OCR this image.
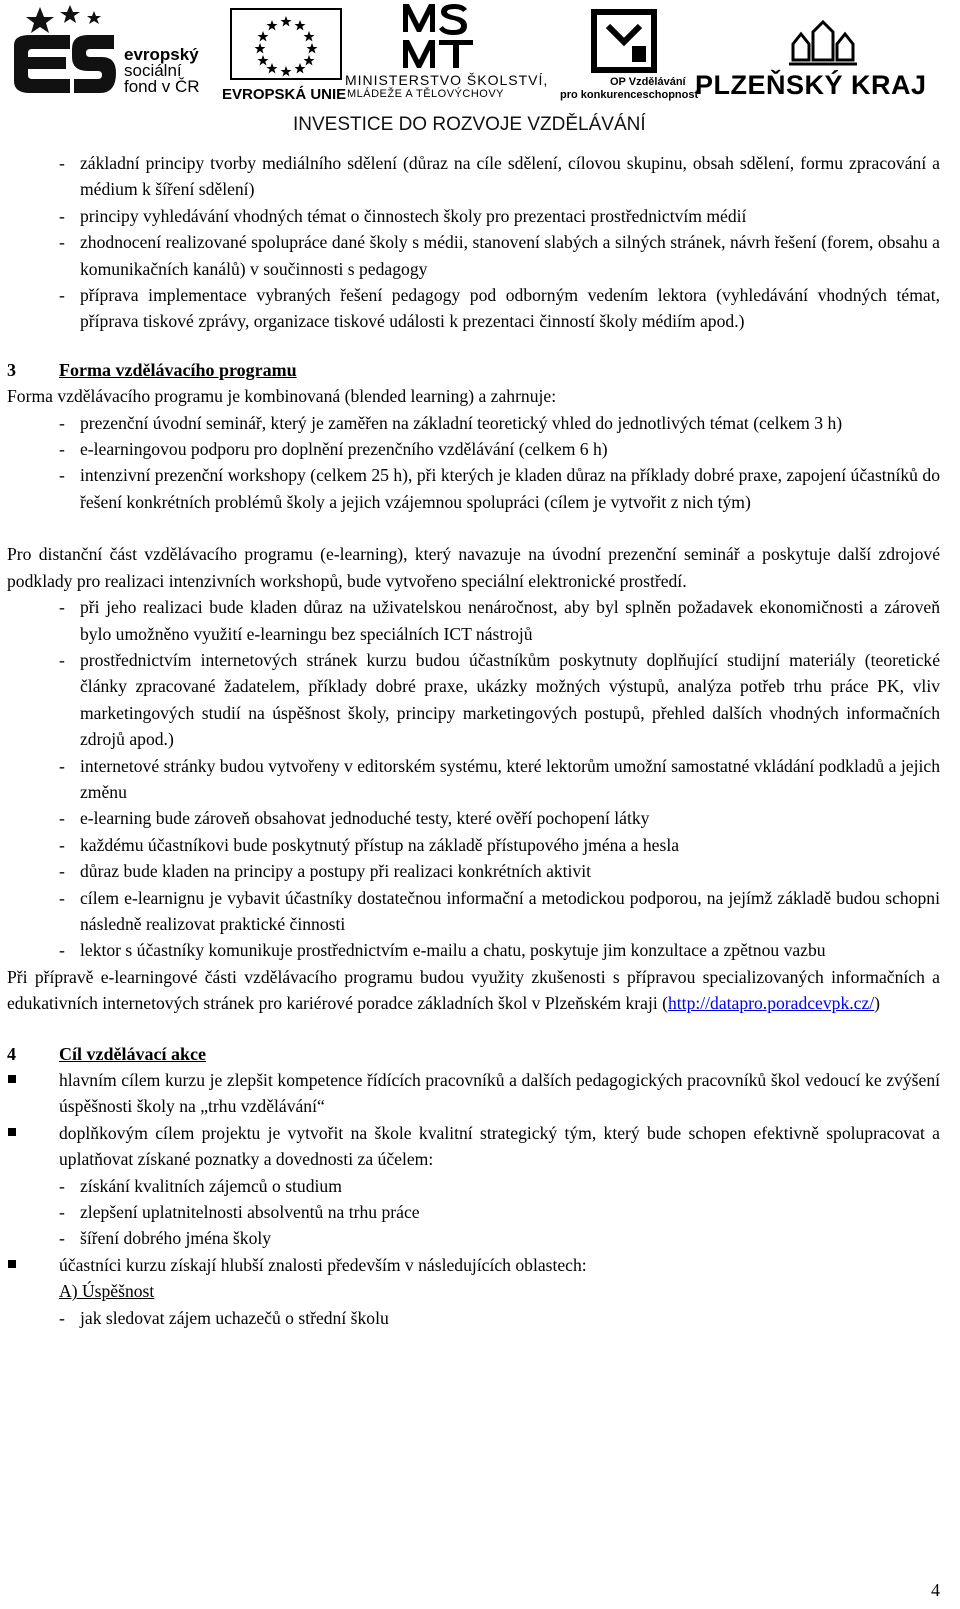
evropský
sociální
fond v ČR EVROPSKÁ UNIE
MINISTERSTVO ŠKOLSTVÍ,
MLÁDEŽE A TĚLOVÝCHOVY
OP Vzdělávání
pro konkurenceschopnost
PLZEŇSKÝ KRAJ
INVESTICE DO ROZVOJE VZDĚLÁVÁNÍ
- základní principy tvorby mediálního sdělení (důraz na cíle sdělení, cílovou skupinu, obsah sdělení, formu zpracování a médium k šíření sdělení)
- principy vyhledávání vhodných témat o činnostech školy pro prezentaci prostřednictvím médií
- zhodnocení realizované spolupráce dané školy s médii, stanovení slabých a silných stránek, návrh řešení (forem, obsahu a komunikačních kanálů) v součinnosti s pedagogy
- příprava implementace vybraných řešení pedagogy pod odborným vedením lektora (vyhledávání vhodných témat, příprava tiskové zprávy, organizace tiskové události k prezentaci činností školy médiím apod.)
3 Forma vzdělávacího programu
Forma vzdělávacího programu je kombinovaná (blended learning) a zahrnuje:
- prezenční úvodní seminář, který je zaměřen na základní teoretický vhled do jednotlivých témat (celkem 3 h)
- e-learningovou podporu pro doplnění prezenčního vzdělávání (celkem 6 h)
- intenzivní prezenční workshopy (celkem 25 h), při kterých je kladen důraz na příklady dobré praxe, zapojení účastníků do řešení konkrétních problémů školy a jejich vzájemnou spolupráci (cílem je vytvořit z nich tým)
Pro distanční část vzdělávacího programu (e-learning), který navazuje na úvodní prezenční seminář a poskytuje další zdrojové podklady pro realizaci intenzivních workshopů, bude vytvořeno speciální elektronické prostředí.
- při jeho realizaci bude kladen důraz na uživatelskou nenáročnost, aby byl splněn požadavek ekonomičnosti a zároveň bylo umožněno využití e-learningu bez speciálních ICT nástrojů
- prostřednictvím internetových stránek kurzu budou účastníkům poskytnuty doplňující studijní materiály (teoretické články zpracované žadatelem, příklady dobré praxe, ukázky možných výstupů, analýza potřeb trhu práce PK, vliv marketingových studií na úspěšnost školy, principy marketingových postupů, přehled dalších vhodných informačních zdrojů apod.)
- internetové stránky budou vytvořeny v editorském systému, které lektorům umožní samostatné vkládání podkladů a jejich změnu
- e-learning bude zároveň obsahovat jednoduché testy, které ověří pochopení látky
- každému účastníkovi bude poskytnutý přístup na základě přístupového jména a hesla
- důraz bude kladen na principy a postupy při realizaci konkrétních aktivit
- cílem e-learnignu je vybavit účastníky dostatečnou informační a metodickou podporou, na jejímž základě budou schopni následně realizovat praktické činnosti
- lektor s účastníky komunikuje prostřednictvím e-mailu a chatu, poskytuje jim konzultace a zpětnou vazbu
Při přípravě e-learningové části vzdělávacího programu budou využity zkušenosti s přípravou specializovaných informačních a edukativních internetových stránek pro kariérové poradce základních škol v Plzeňském kraji (http://datapro.poradcevpk.cz/)
4 Cíl vzdělávací akce
hlavním cílem kurzu je zlepšit kompetence řídících pracovníků a dalších pedagogických pracovníků škol vedoucí ke zvýšení úspěšnosti školy na „trhu vzdělávání“
doplňkovým cílem projektu je vytvořit na škole kvalitní strategický tým, který bude schopen efektivně spolupracovat a uplatňovat získané poznatky a dovednosti za účelem:
- získání kvalitních zájemců o studium
- zlepšení uplatnitelnosti absolventů na trhu práce
- šíření dobrého jména školy
účastníci kurzu získají hlubší znalosti především v následujících oblastech:
A) Úspěšnost
- jak sledovat zájem uchazečů o střední školu
4
